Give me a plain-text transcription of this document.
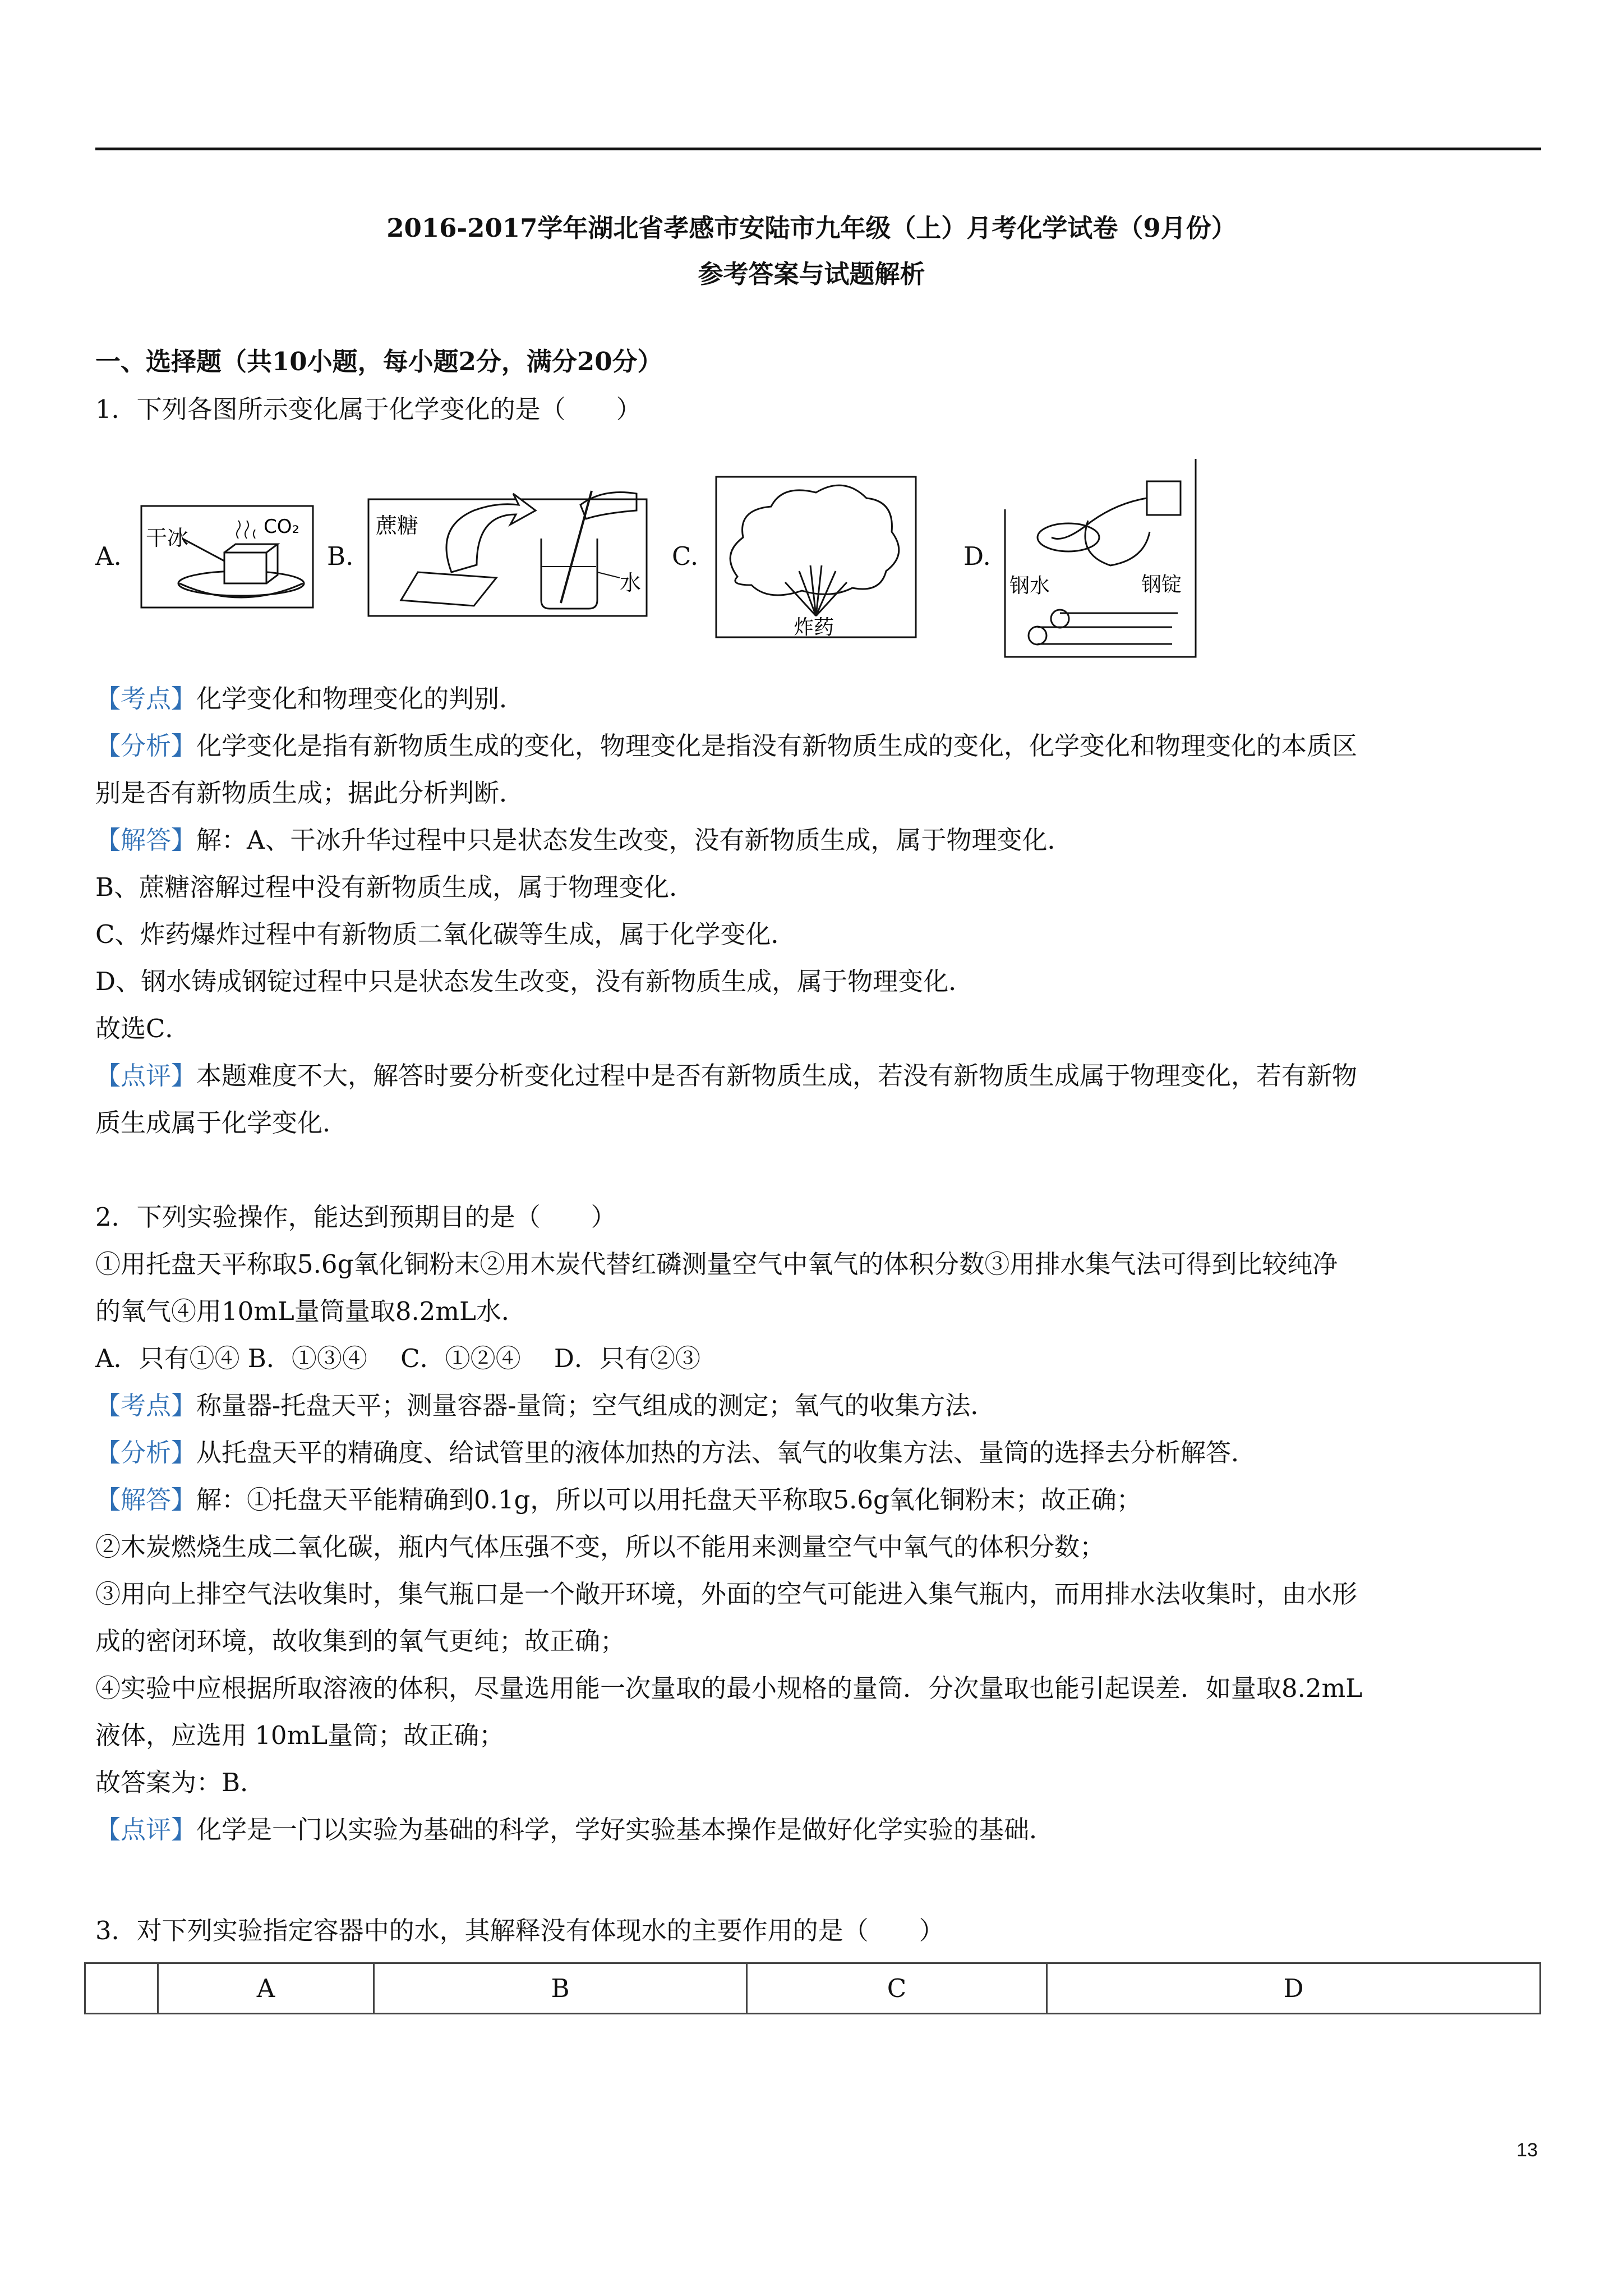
2016-2017学年湖北省孝感市安陆市九年级（上）月考化学试卷（9月份）
参考答案与试题解析
一、选择题（共10小题，每小题2分，满分20分）
1．下列各图所示变化属于化学变化的是（　　）
A.
干冰	CO₂
B.
蔗糖
水
C.
炸药
D.
钢水	钢锭
【考点】化学变化和物理变化的判别．
【分析】化学变化是指有新物质生成的变化，物理变化是指没有新物质生成的变化，化学变化和物理变化的本质区
别是否有新物质生成；据此分析判断．
【解答】解：A、干冰升华过程中只是状态发生改变，没有新物质生成，属于物理变化．
B、蔗糖溶解过程中没有新物质生成，属于物理变化．
C、炸药爆炸过程中有新物质二氧化碳等生成，属于化学变化．
D、钢水铸成钢锭过程中只是状态发生改变，没有新物质生成，属于物理变化．
故选C．
【点评】本题难度不大，解答时要分析变化过程中是否有新物质生成，若没有新物质生成属于物理变化，若有新物
质生成属于化学变化．
2．下列实验操作，能达到预期目的是（　　）
①用托盘天平称取5.6g氧化铜粉末②用木炭代替红磷测量空气中氧气的体积分数③用排水集气法可得到比较纯净
的氧气④用10mL量筒量取8.2mL水．
A．只有①④ B．①③④　 C．①②④　 D．只有②③
【考点】称量器-托盘天平；测量容器-量筒；空气组成的测定；氧气的收集方法．
【分析】从托盘天平的精确度、给试管里的液体加热的方法、氧气的收集方法、量筒的选择去分析解答．
【解答】解：①托盘天平能精确到0.1g，所以可以用托盘天平称取5.6g氧化铜粉末；故正确；
②木炭燃烧生成二氧化碳，瓶内气体压强不变，所以不能用来测量空气中氧气的体积分数；
③用向上排空气法收集时，集气瓶口是一个敞开环境，外面的空气可能进入集气瓶内，而用排水法收集时，由水形
成的密闭环境，故收集到的氧气更纯；故正确；
④实验中应根据所取溶液的体积，尽量选用能一次量取的最小规格的量筒．分次量取也能引起误差．如量取8.2mL
液体，应选用 10mL量筒；故正确；
故答案为：B．
【点评】化学是一门以实验为基础的科学，学好实验基本操作是做好化学实验的基础．
3．对下列实验指定容器中的水，其解释没有体现水的主要作用的是（　　）
	A	B	C	D
13
